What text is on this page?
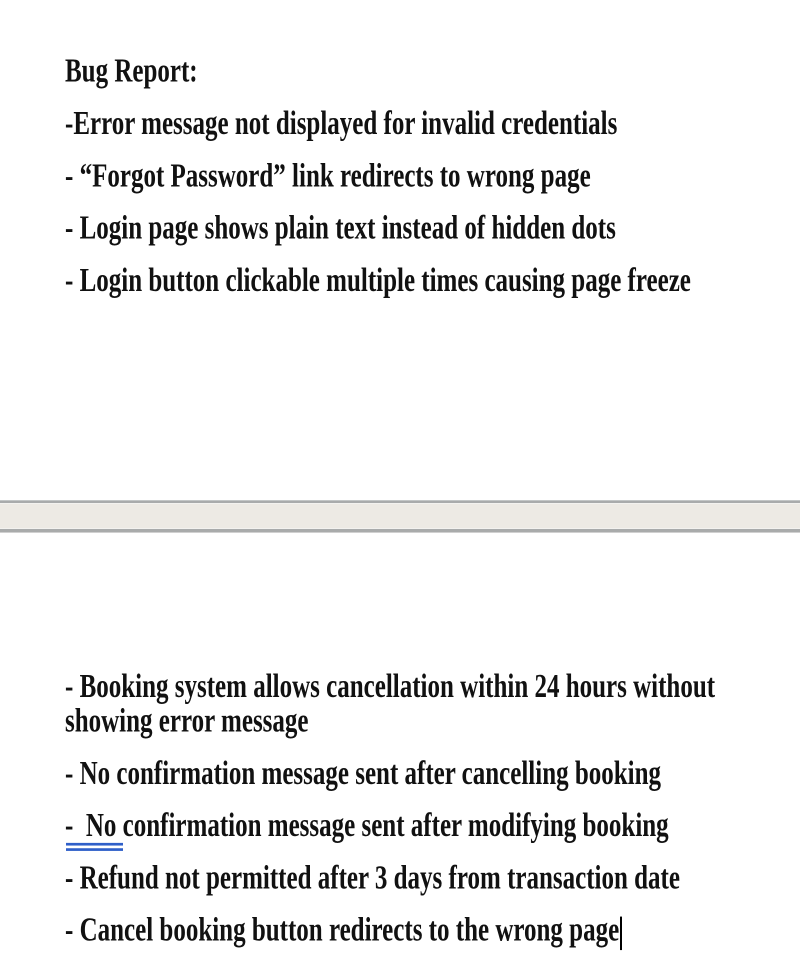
Bug Report:

-Error message not displayed for invalid credentials

- “Forgot Password” link redirects to wrong page

- Login page shows plain text instead of hidden dots

- Login button clickable multiple times causing page freeze

- Booking system allows cancellation within 24 hours without showing error message

- No confirmation message sent after cancelling booking

-  No confirmation message sent after modifying booking

- Refund not permitted after 3 days from transaction date

- Cancel booking button redirects to the wrong page
